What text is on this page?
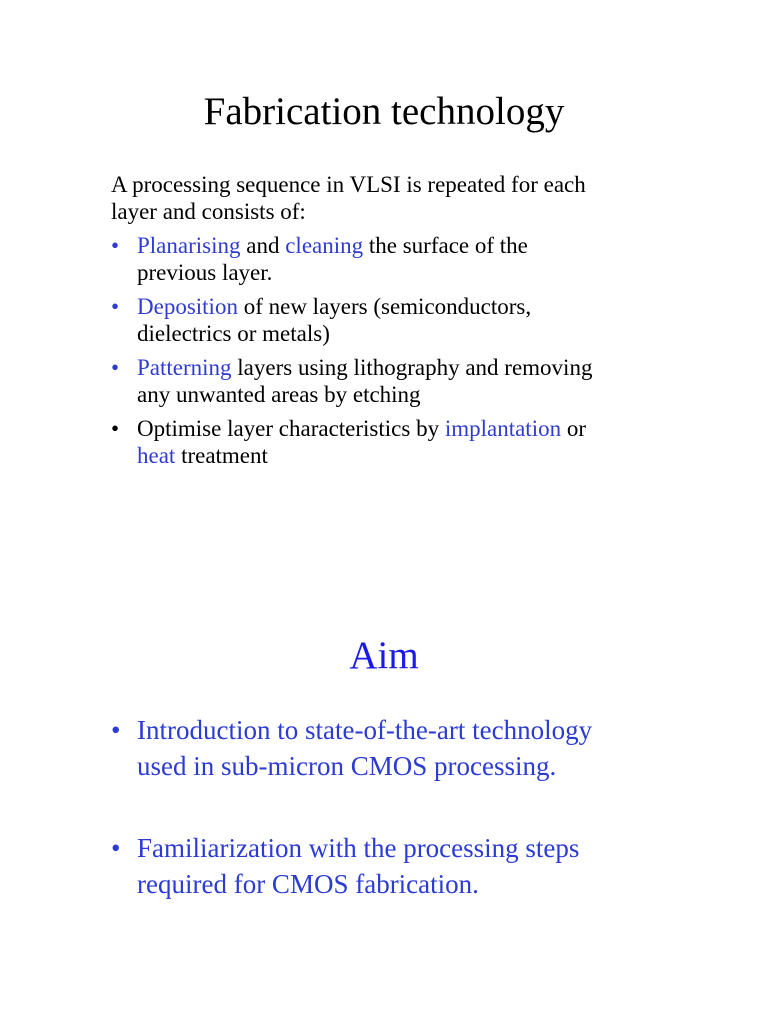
Fabrication technology
A processing sequence in VLSI is repeated for each
layer and consists of:
• Planarising and cleaning the surface of the
previous layer.
• Deposition of new layers (semiconductors,
dielectrics or metals)
• Patterning layers using lithography and removing
any unwanted areas by etching
• Optimise layer characteristics by implantation or
heat treatment
Aim
• Introduction to state-of-the-art technology
used in sub-micron CMOS processing.
• Familiarization with the processing steps
required for CMOS fabrication.
